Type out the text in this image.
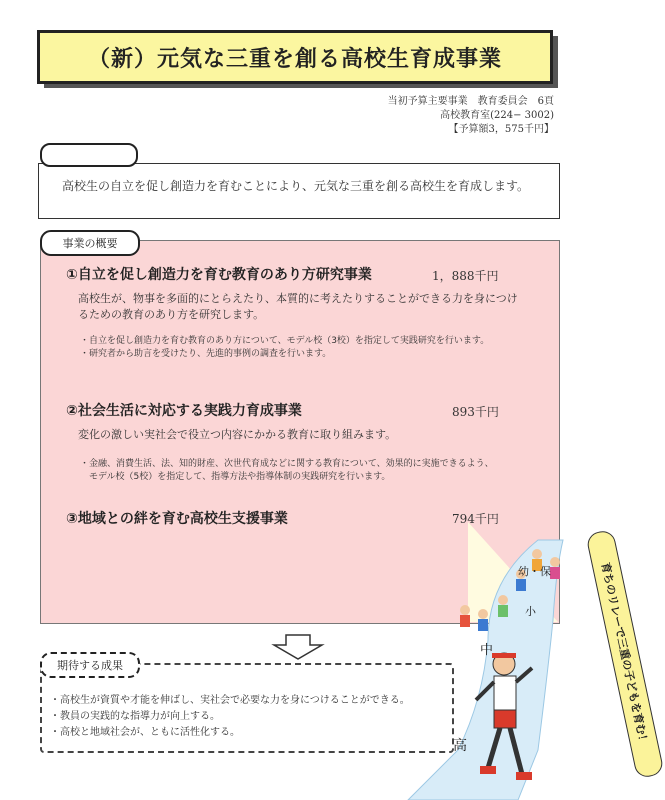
（新）元気な三重を創る高校生育成事業
当初予算主要事業　教育委員会　6頁
高校教育室(224− 3002)
【予算額3，575千円】
高校生の自立を促し創造力を育むことにより、元気な三重を創る高校生を育成します。
事業の概要
①自立を促し創造力を育む教育のあり方研究事業	1，888千円
高校生が、物事を多面的にとらえたり、本質的に考えたりすることができる力を身につけるための教育のあり方を研究します。
・自立を促し創造力を育む教育のあり方について、モデル校（3校）を指定して実践研究を行います。
・研究者から助言を受けたり、先進的事例の調査を行います。
②社会生活に対応する実践力育成事業	893千円
変化の激しい実社会で役立つ内容にかかる教育に取り組みます。
・金融、消費生活、法、知的財産、次世代育成などに関する教育について、効果的に実施できるよう、
　モデル校（5校）を指定して、指導方法や指導体制の実践研究を行います。
③地域との絆を育む高校生支援事業	794千円
期待する成果
・高校生が資質や才能を伸ばし、実社会で必要な力を身につけることができる。
・教員の実践的な指導力が向上する。
・高校と地域社会が、ともに活性化する。	育ちのリレーで三重の子どもを育む！
幼・保
小
中
高
